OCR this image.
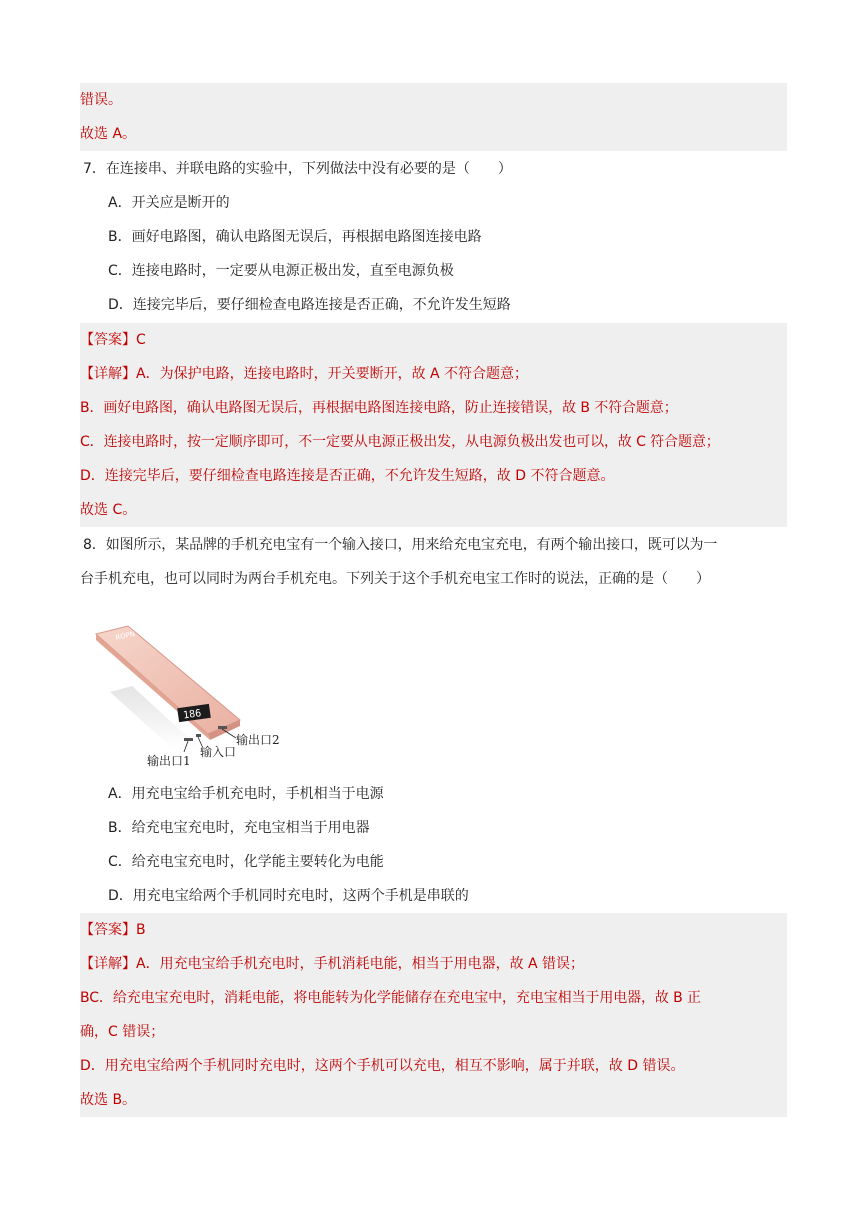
错误。
故选 A。
7．在连接串、并联电路的实验中，下列做法中没有必要的是（　　）
A．开关应是断开的
B．画好电路图，确认电路图无误后，再根据电路图连接电路
C．连接电路时，一定要从电源正极出发，直至电源负极
D．连接完毕后，要仔细检查电路连接是否正确，不允许发生短路
【答案】C
【详解】A．为保护电路，连接电路时，开关要断开，故 A 不符合题意；
B．画好电路图，确认电路图无误后，再根据电路图连接电路，防止连接错误，故 B 不符合题意；
C．连接电路时，按一定顺序即可，不一定要从电源正极出发，从电源负极出发也可以，故 C 符合题意；
D．连接完毕后，要仔细检查电路连接是否正确，不允许发生短路，故 D 不符合题意。
故选 C。
8．如图所示，某品牌的手机充电宝有一个输入接口，用来给充电宝充电，有两个输出接口，既可以为一
台手机充电，也可以同时为两台手机充电。下列关于这个手机充电宝工作时的说法，正确的是（　　）
ROPN
186
输出口1
输入口
输出口2
A．用充电宝给手机充电时，手机相当于电源
B．给充电宝充电时，充电宝相当于用电器
C．给充电宝充电时，化学能主要转化为电能
D．用充电宝给两个手机同时充电时，这两个手机是串联的
【答案】B
【详解】A．用充电宝给手机充电时，手机消耗电能，相当于用电器，故 A 错误；
BC．给充电宝充电时，消耗电能，将电能转为化学能储存在充电宝中，充电宝相当于用电器，故 B 正
确，C 错误；
D．用充电宝给两个手机同时充电时，这两个手机可以充电，相互不影响，属于并联，故 D 错误。
故选 B。
